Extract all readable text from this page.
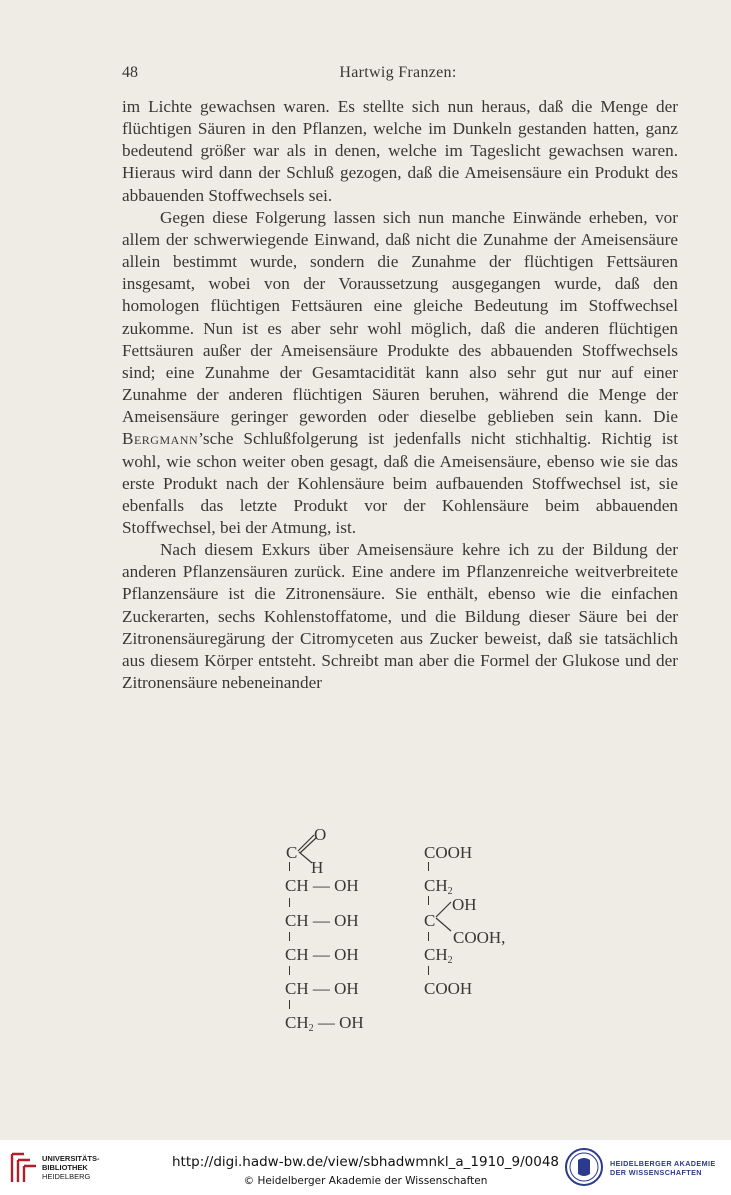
48	Hartwig Franzen:

im Lichte gewachsen waren. Es stellte sich nun heraus, daß die Menge der flüchtigen Säuren in den Pflanzen, welche im Dunkeln gestanden hatten, ganz bedeutend größer war als in denen, welche im Tageslicht gewachsen waren. Hieraus wird dann der Schluß gezogen, daß die Ameisensäure ein Produkt des abbauenden Stoffwechsels sei.

Gegen diese Folgerung lassen sich nun manche Einwände erheben, vor allem der schwerwiegende Einwand, daß nicht die Zunahme der Ameisensäure allein bestimmt wurde, sondern die Zunahme der flüchtigen Fettsäuren insgesamt, wobei von der Voraussetzung ausgegangen wurde, daß den homologen flüchtigen Fettsäuren eine gleiche Bedeutung im Stoffwechsel zukomme. Nun ist es aber sehr wohl möglich, daß die anderen flüchtigen Fettsäuren außer der Ameisensäure Produkte des abbauenden Stoffwechsels sind; eine Zunahme der Gesamtacidität kann also sehr gut nur auf einer Zunahme der anderen flüchtigen Säuren beruhen, während die Menge der Ameisensäure geringer geworden oder dieselbe geblieben sein kann. Die Bergmann’sche Schlußfolgerung ist jedenfalls nicht stichhaltig. Richtig ist wohl, wie schon weiter oben gesagt, daß die Ameisensäure, ebenso wie sie das erste Produkt nach der Kohlensäure beim aufbauenden Stoffwechsel ist, sie ebenfalls das letzte Produkt vor der Kohlensäure beim abbauenden Stoffwechsel, bei der Atmung, ist.

Nach diesem Exkurs über Ameisensäure kehre ich zu der Bildung der anderen Pflanzensäuren zurück. Eine andere im Pflanzenreiche weitverbreitete Pflanzensäure ist die Zitronensäure. Sie enthält, ebenso wie die einfachen Zuckerarten, sechs Kohlenstoffatome, und die Bildung dieser Säure bei der Zitronensäuregärung der Citromyceten aus Zucker beweist, daß sie tatsächlich aus diesem Körper entsteht. Schreibt man aber die Formel der Glukose und der Zitronensäure nebeneinander

O
C
H
CH — OH
CH — OH
CH — OH
CH — OH
$CH_2$ — OH
COOH
$CH_2$
C
OH
COOH,
$CH_2$
COOH
UNIVERSITÄTS-
BIBLIOTHEK
HEIDELBERG
http://digi.hadw-bw.de/view/sbhadwmnkl_a_1910_9/0048
© Heidelberger Akademie der Wissenschaften
HEIDELBERGER AKADEMIE
DER WISSENSCHAFTEN
